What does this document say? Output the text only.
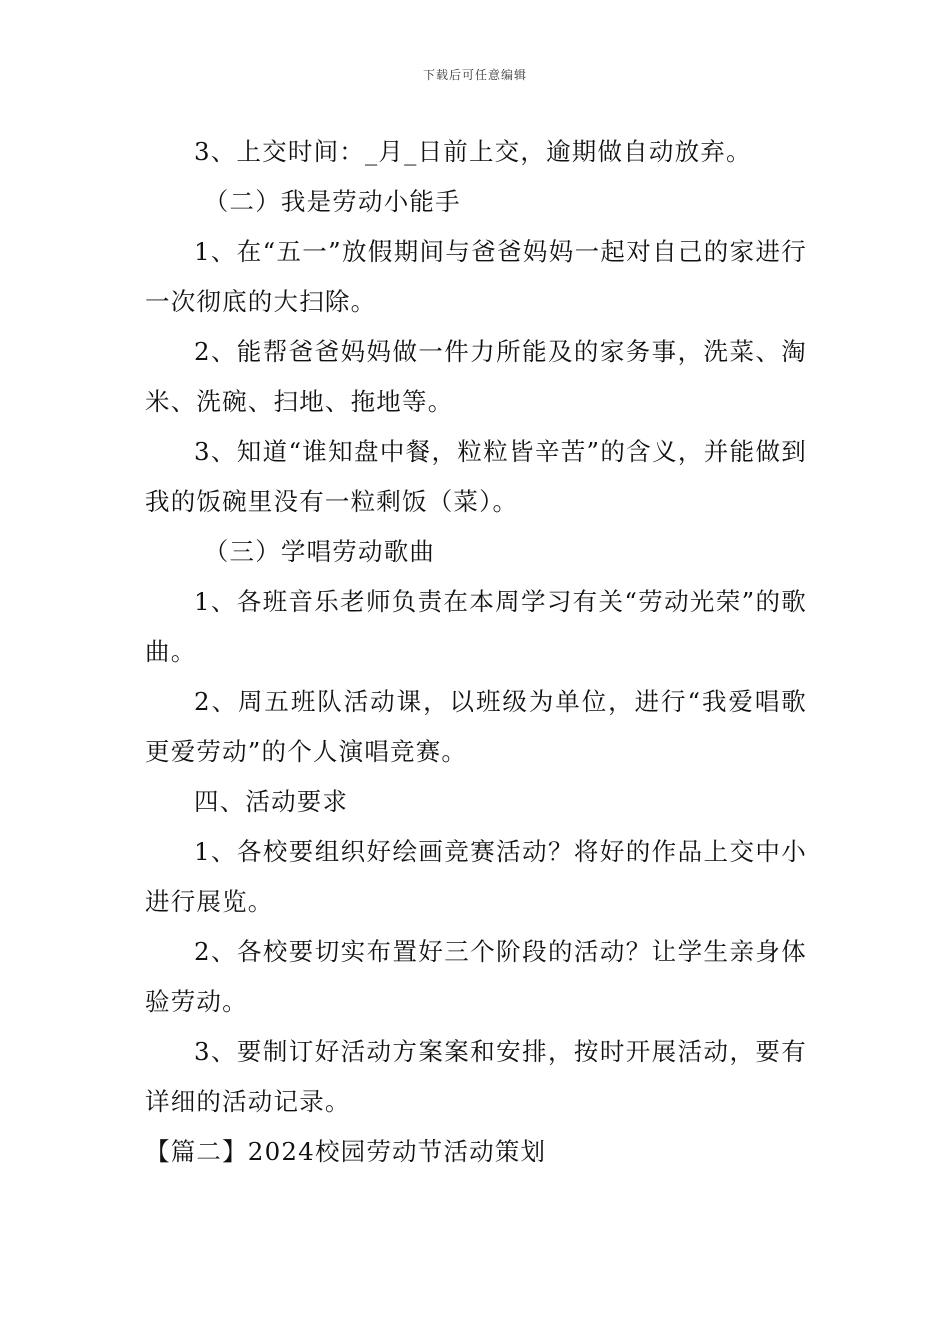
下载后可任意编辑

3、上交时间：_月_日前上交，逾期做自动放弃。

（二）我是劳动小能手

1、在“五一”放假期间与爸爸妈妈一起对自己的家进行一次彻底的大扫除。

2、能帮爸爸妈妈做一件力所能及的家务事，洗菜、淘米、洗碗、扫地、拖地等。

3、知道“谁知盘中餐，粒粒皆辛苦”的含义，并能做到我的饭碗里没有一粒剩饭（菜）。

（三）学唱劳动歌曲

1、各班音乐老师负责在本周学习有关“劳动光荣”的歌曲。

2、周五班队活动课，以班级为单位，进行“我爱唱歌更爱劳动”的个人演唱竞赛。

四、活动要求

1、各校要组织好绘画竞赛活动？将好的作品上交中小进行展览。

2、各校要切实布置好三个阶段的活动？让学生亲身体验劳动。

3、要制订好活动方案案和安排，按时开展活动，要有详细的活动记录。

【篇二】2024校园劳动节活动策划
